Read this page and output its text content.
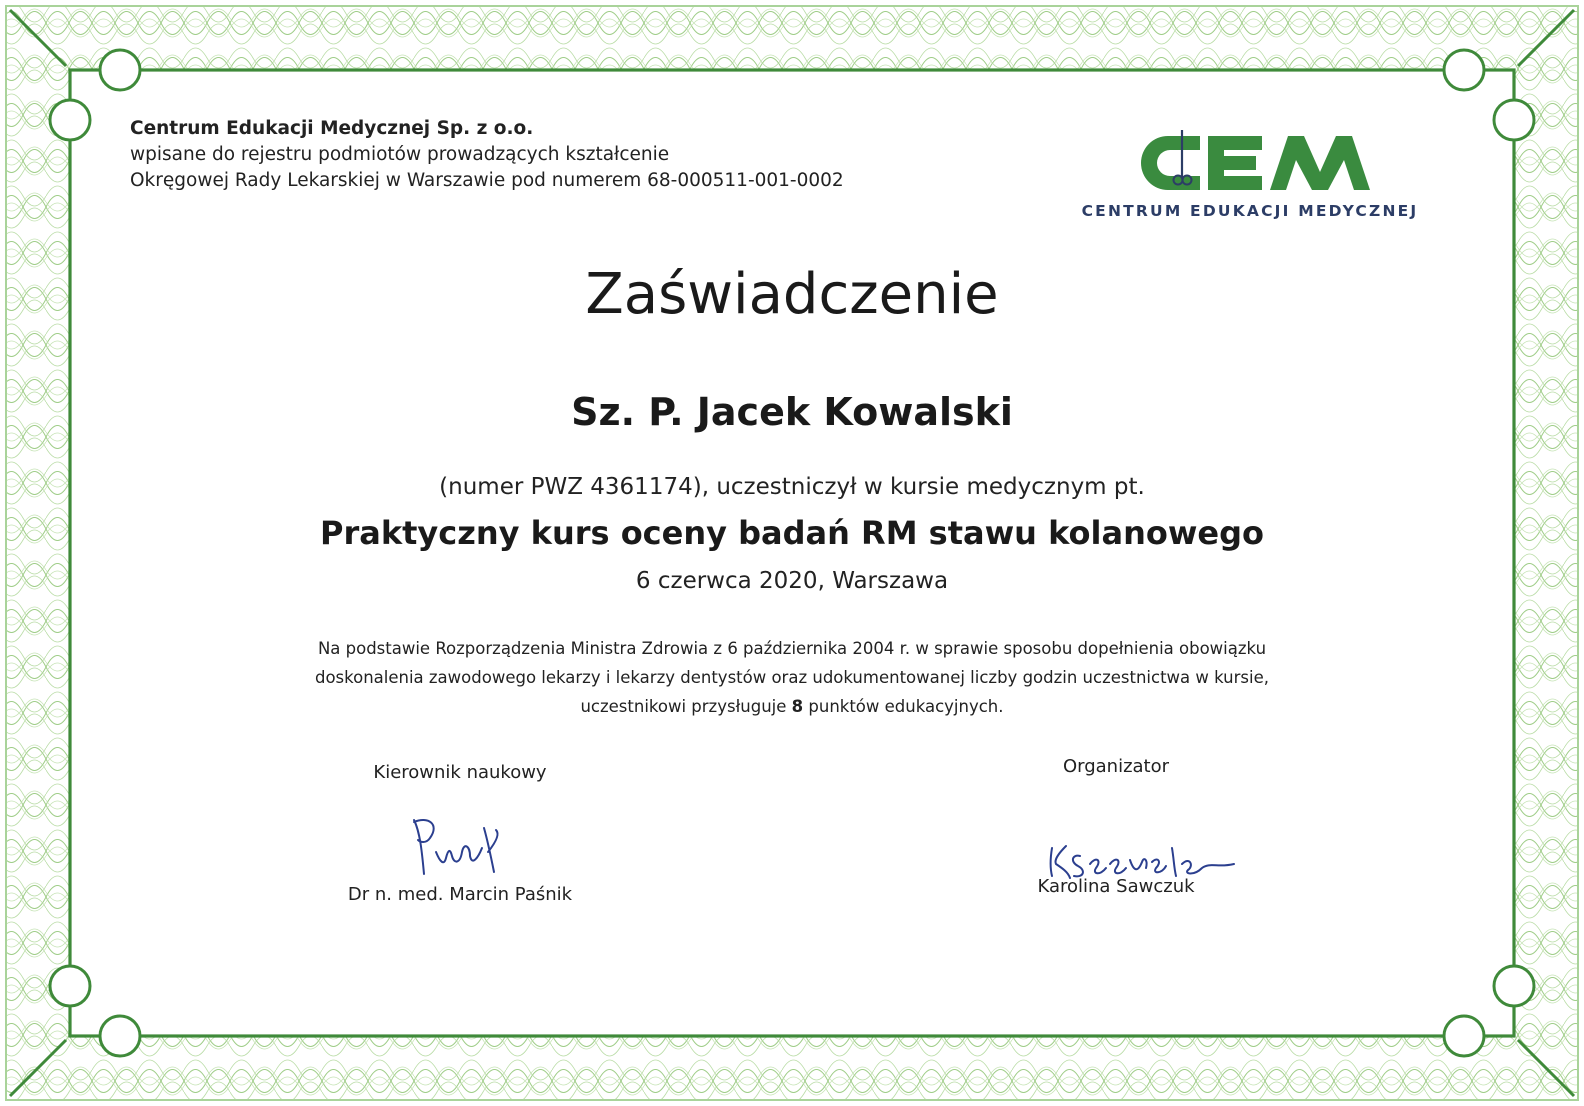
Centrum Edukacji Medycznej Sp. z o.o.
wpisane do rejestru podmiotów prowadzących kształcenie
Okręgowej Rady Lekarskiej w Warszawie pod numerem 68-000511-001-0002
CENTRUM EDUKACJI MEDYCZNEJ
Zaświadczenie
Sz. P. Jacek Kowalski
(numer PWZ 4361174), uczestniczył w kursie medycznym pt.
Praktyczny kurs oceny badań RM stawu kolanowego
6 czerwca 2020, Warszawa
Na podstawie Rozporządzenia Ministra Zdrowia z 6 października 2004 r. w sprawie sposobu dopełnienia obowiązku
doskonalenia zawodowego lekarzy i lekarzy dentystów oraz udokumentowanej liczby godzin uczestnictwa w kursie,
uczestnikowi przysługuje 8 punktów edukacyjnych.
Kierownik naukowy
Dr n. med. Marcin Paśnik
Organizator
Karolina Sawczuk
